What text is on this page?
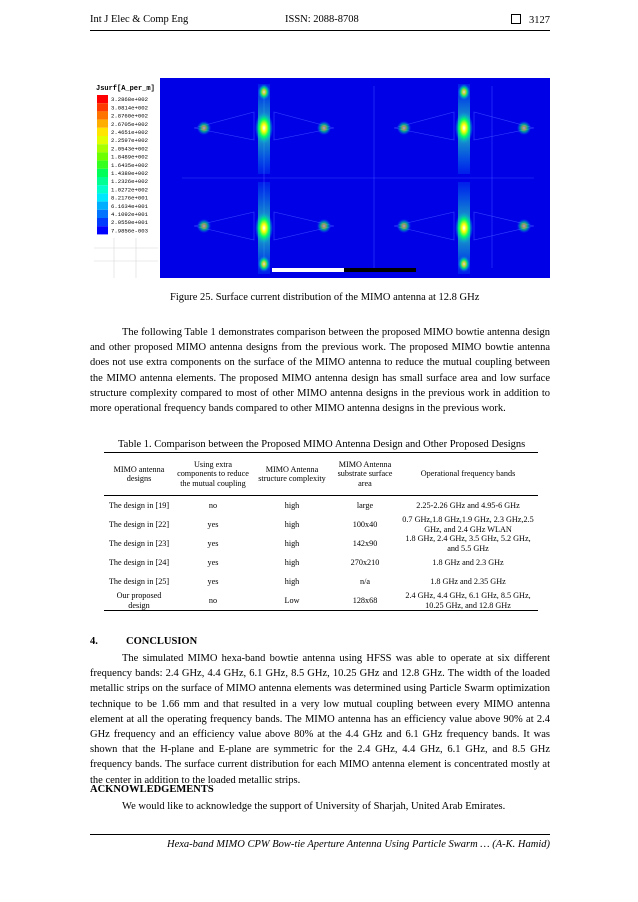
Int J Elec & Comp Eng	ISSN: 2088-8708	3127
Jsurf[A_per_m]
3.2868e+002
3.0814e+002
2.8760e+002
2.6705e+002
2.4651e+002
2.2597e+002
2.0543e+002
1.8489e+002
1.6435e+002
1.4380e+002
1.2326e+002
1.0272e+002
8.2176e+001
6.1634e+001
4.1092e+001
2.0550e+001
7.9856e-003
Figure 25. Surface current distribution of the MIMO antenna at 12.8 GHz
The following Table 1 demonstrates comparison between the proposed MIMO bowtie antenna design and other proposed MIMO antenna designs from the previous work. The proposed MIMO bowtie antenna does not use extra components on the surface of the MIMO antenna to reduce the mutual coupling between the MIMO antenna elements. The proposed MIMO antenna design has small surface area and low surface structure complexity compared to most of other MIMO antenna designs in the previous work in addition to more operational frequency bands compared to other MIMO antenna designs in the previous work.
Table 1. Comparison between the Proposed MIMO Antenna Design and Other Proposed Designs
MIMO antenna designs	Using extra components to reduce the mutual coupling	MIMO Antenna structure complexity	MIMO Antenna substrate surface area	Operational frequency bands
The design in [19]	no	high	large	2.25-2.26 GHz and 4.95-6 GHz
The design in [22]	yes	high	100x40	0.7 GHz,1.8 GHz,1.9 GHz, 2.3 GHz,2.5 GHz, and 2.4 GHz WLAN
The design in [23]	yes	high	142x90	1.8 GHz, 2.4 GHz, 3.5 GHz, 5.2 GHz, and 5.5 GHz
The design in [24]	yes	high	270x210	1.8 GHz and 2.3 GHz
The design in [25]	yes	high	n/a	1.8 GHz and 2.35 GHz
Our proposed design	no	Low	128x68	2.4 GHz, 4.4 GHz, 6.1 GHz, 8.5 GHz, 10.25 GHz, and 12.8 GHz
4.	CONCLUSION
The simulated MIMO hexa-band bowtie antenna using HFSS was able to operate at six different frequency bands: 2.4 GHz, 4.4 GHz, 6.1 GHz, 8.5 GHz, 10.25 GHz and 12.8 GHz. The width of the loaded metallic strips on the surface of MIMO antenna elements was determined using Particle Swarm optimization technique to be 1.66 mm and that resulted in a very low mutual coupling between every MIMO antenna element at all the operating frequency bands. The MIMO antenna has an efficiency value above 90% at 2.4 GHz frequency and an efficiency value above 80% at the 4.4 GHz and 6.1 GHz frequency bands. It was shown that the H-plane and E-plane are symmetric for the 2.4 GHz, 4.4 GHz, 6.1 GHz, and 8.5 GHz frequency bands. The surface current distribution for each MIMO antenna element is concentrated mostly at the center in addition to the loaded metallic strips.
ACKNOWLEDGEMENTS
We would like to acknowledge the support of University of Sharjah, United Arab Emirates.
Hexa-band MIMO CPW Bow-tie Aperture Antenna Using Particle Swarm … (A-K. Hamid)
